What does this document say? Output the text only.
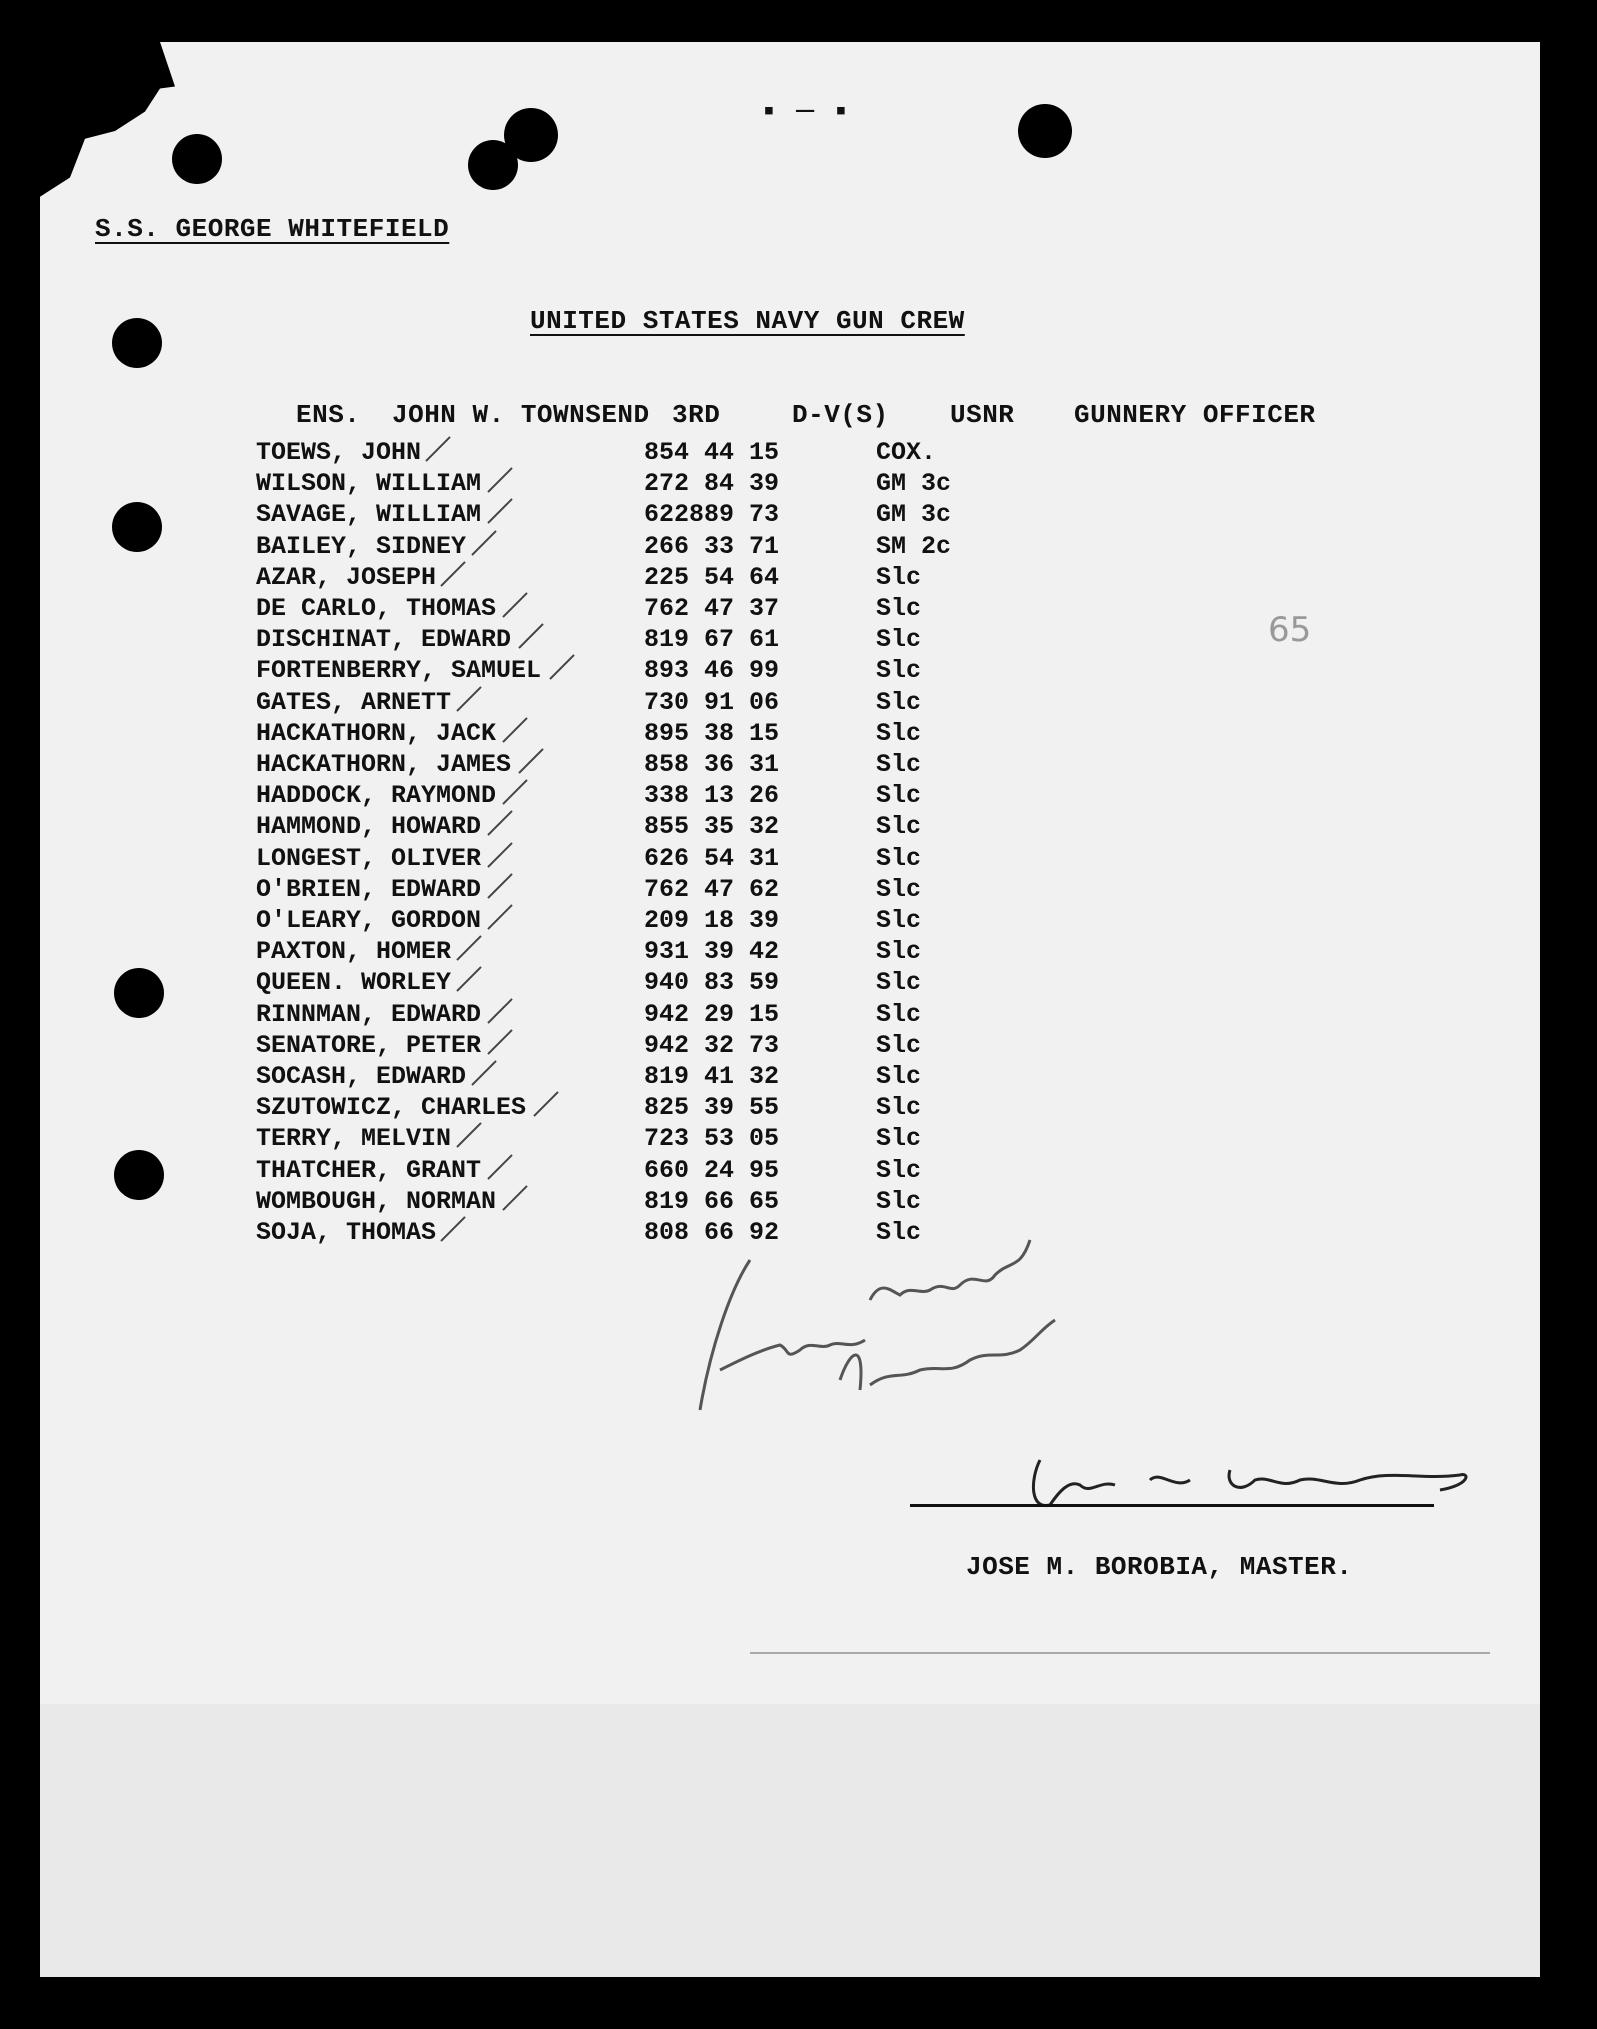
▪ ─ ▪
S.S. GEORGE WHITEFIELD
UNITED STATES NAVY GUN CREW
ENS. JOHN W. TOWNSEND 3RD	D-V(S) USNR GUNNERY OFFICER
TOEWS, JOHN	854 44 15	COX.
WILSON, WILLIAM	272 84 39	GM 3c
SAVAGE, WILLIAM	622889 73	GM 3c
BAILEY, SIDNEY	266 33 71	SM 2c
AZAR, JOSEPH	225 54 64	Slc
DE CARLO, THOMAS	762 47 37	Slc
DISCHINAT, EDWARD	819 67 61	Slc
FORTENBERRY, SAMUEL	893 46 99	Slc
GATES, ARNETT	730 91 06	Slc
HACKATHORN, JACK	895 38 15	Slc
HACKATHORN, JAMES	858 36 31	Slc
HADDOCK, RAYMOND	338 13 26	Slc
HAMMOND, HOWARD	855 35 32	Slc
LONGEST, OLIVER	626 54 31	Slc
O'BRIEN, EDWARD	762 47 62	Slc
O'LEARY, GORDON	209 18 39	Slc
PAXTON, HOMER	931 39 42	Slc
QUEEN. WORLEY	940 83 59	Slc
RINNMAN, EDWARD	942 29 15	Slc
SENATORE, PETER	942 32 73	Slc
SOCASH, EDWARD	819 41 32	Slc
SZUTOWICZ, CHARLES	825 39 55	Slc
TERRY, MELVIN	723 53 05	Slc
THATCHER, GRANT	660 24 95	Slc
WOMBOUGH, NORMAN	819 66 65	Slc
SOJA, THOMAS	808 66 92	Slc
65
JOSE M. BOROBIA, MASTER.
